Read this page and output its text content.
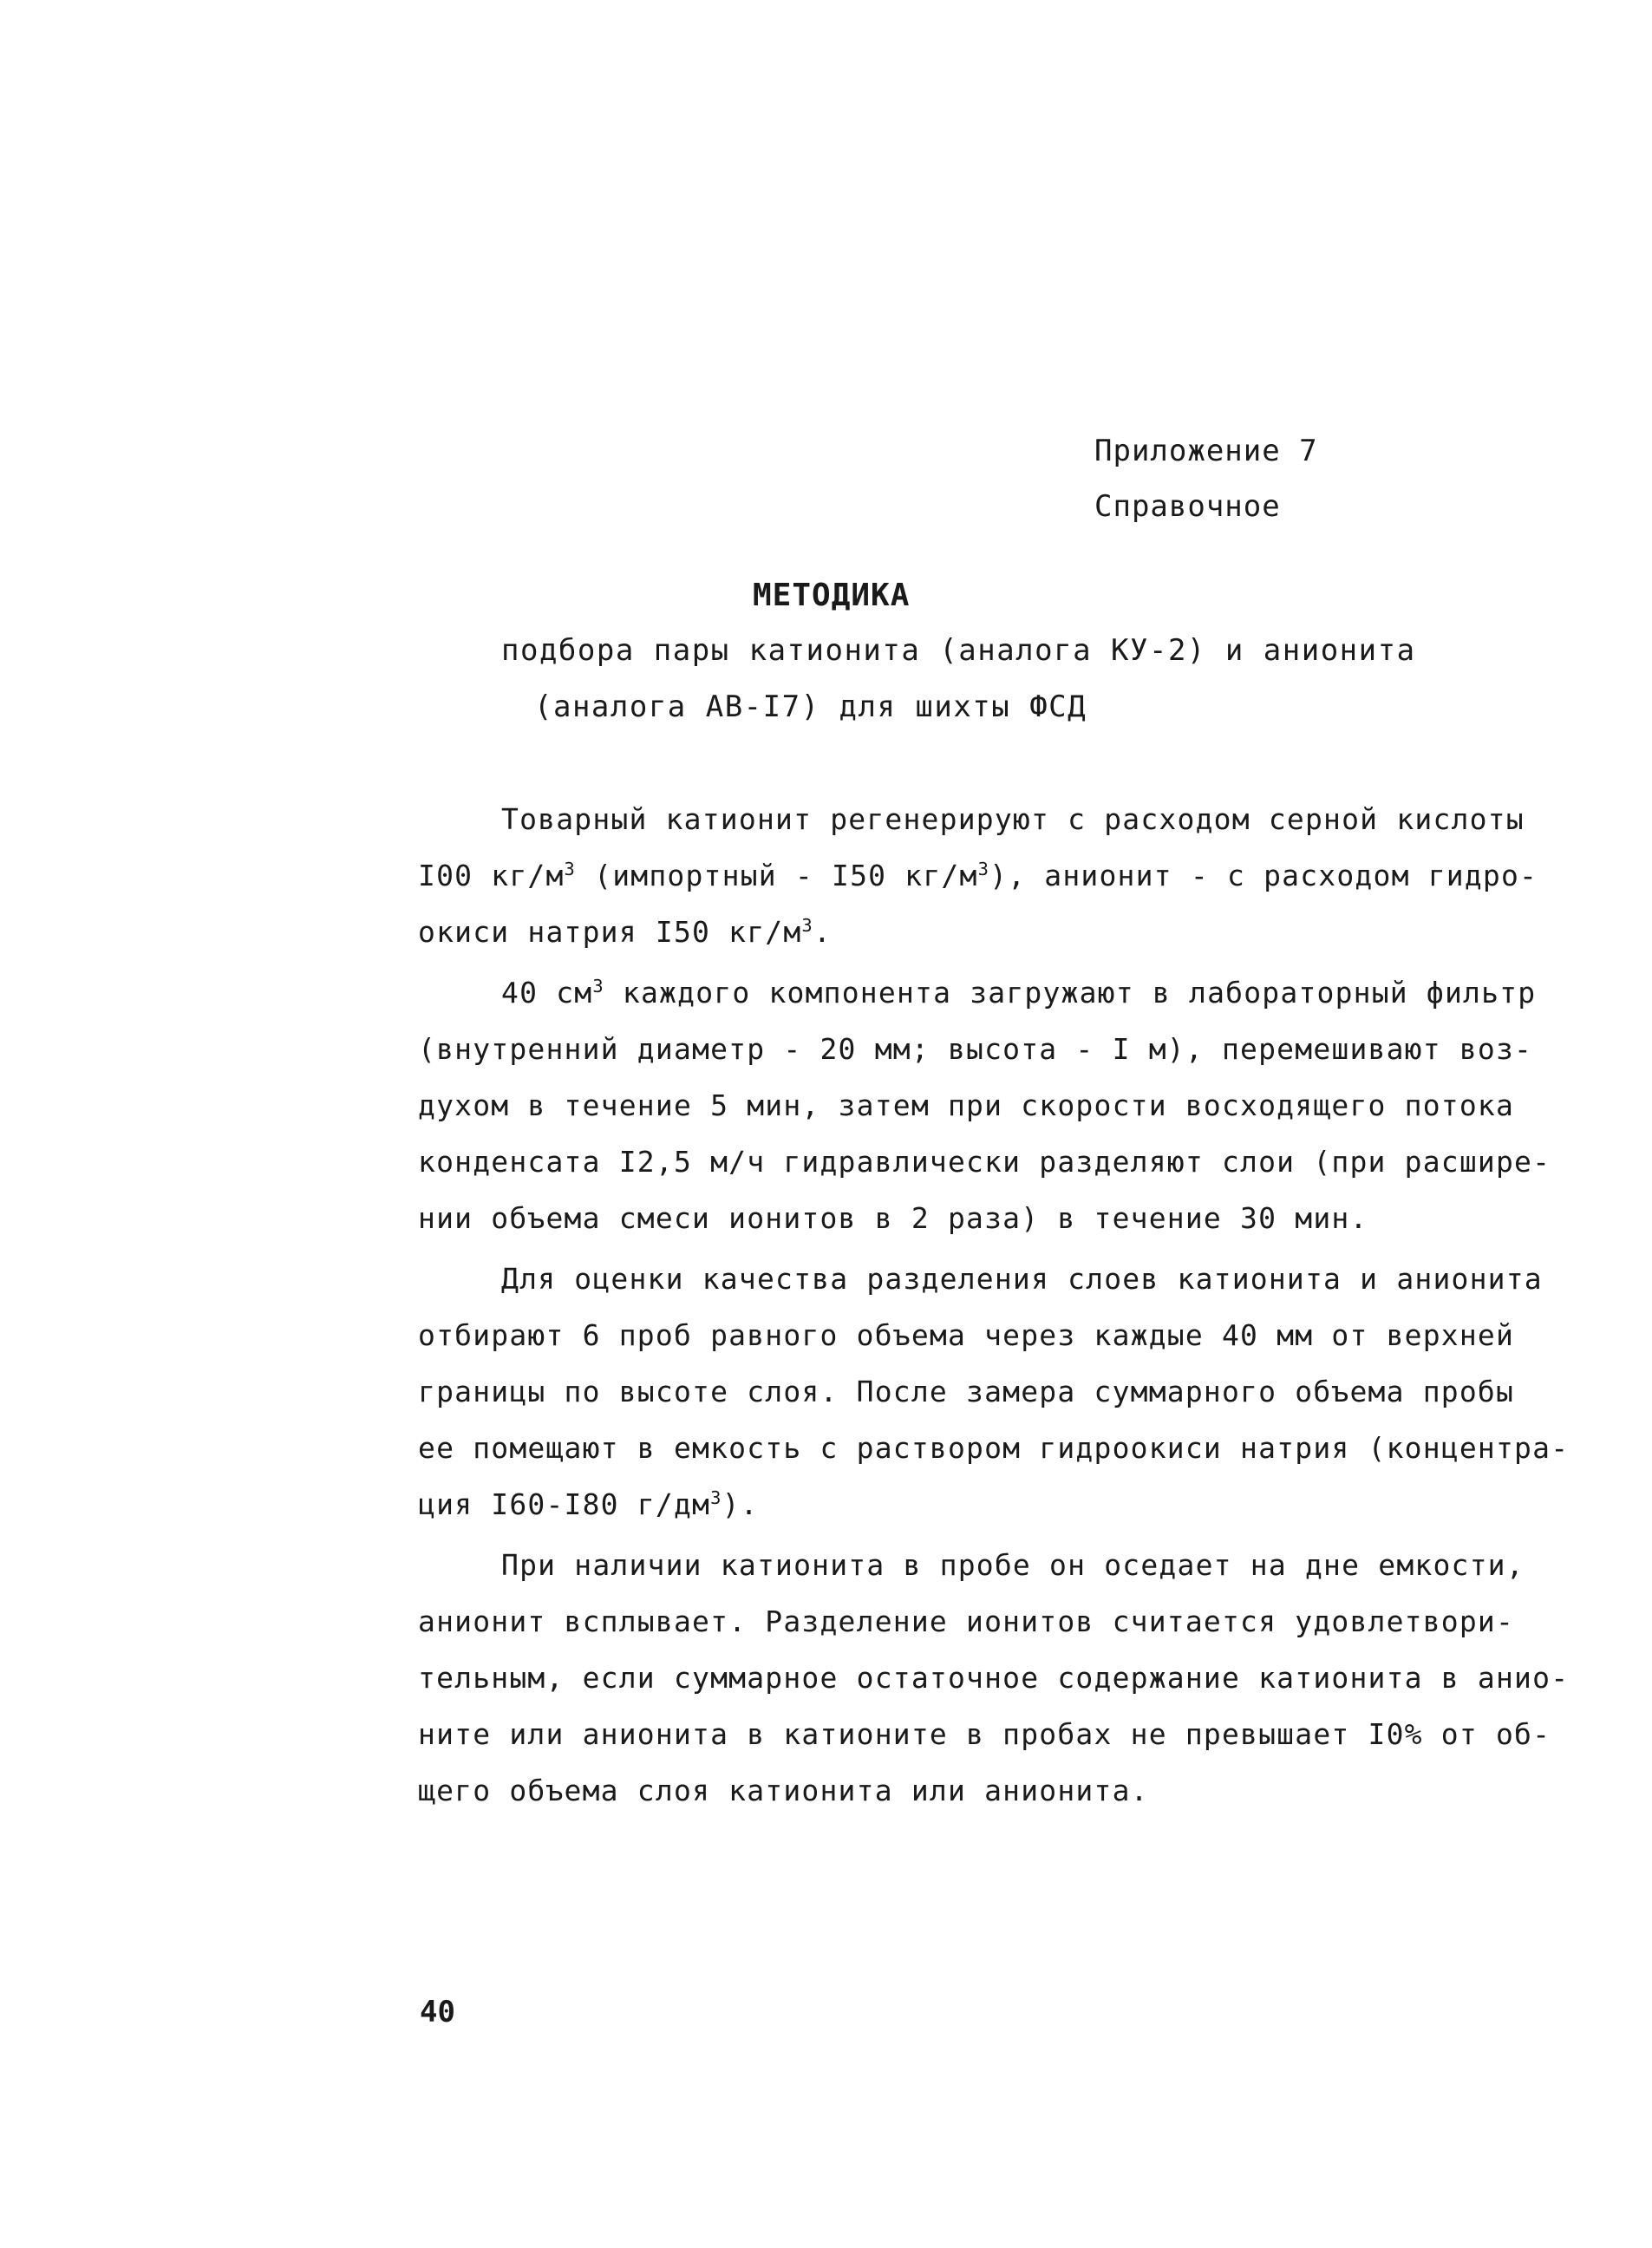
Приложение 7
Справочное
МЕТОДИКА
подбора пары катионита (аналога КУ-2) и анионита
(аналога АВ-I7) для шихты ФСД
Товарный катионит регенерируют с расходом серной кислоты
I00 $кг/м^3$ (импортный - I50 $кг/м^3$), анионит - с расходом гидро-
окиси натрия I50 $кг/м^3$.
40 $см^3$ каждого компонента загружают в лабораторный фильтр
(внутренний диаметр - 20 мм; высота - I м), перемешивают воз-
духом в течение 5 мин, затем при скорости восходящего потока
конденсата I2,5 м/ч гидравлически разделяют слои (при расшире-
нии объема смеси ионитов в 2 раза) в течение 30 мин.
Для оценки качества разделения слоев катионита и анионита
отбирают 6 проб равного объема через каждые 40 мм от верхней
границы по высоте слоя. После замера суммарного объема пробы
ее помещают в емкость с раствором гидроокиси натрия (концентра-
ция I60-I80 $г/дм^3$).
При наличии катионита в пробе он оседает на дне емкости,
анионит всплывает. Разделение ионитов считается удовлетвори-
тельным, если суммарное остаточное содержание катионита в анио-
ните или анионита в катионите в пробах не превышает I0% от об-
щего объема слоя катионита или анионита.
40
